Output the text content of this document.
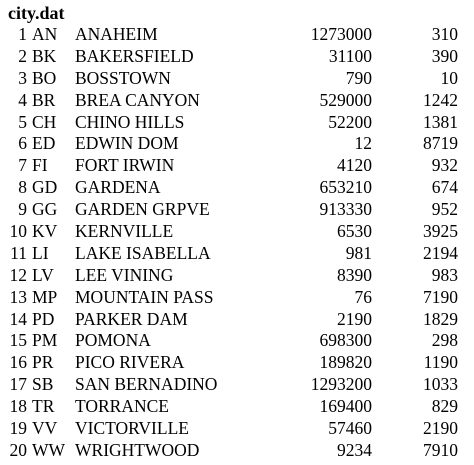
city.dat
1 AN ANAHEIM	1273000	310
2 BK BAKERSFIELD	31100	390
3 BO BOSSTOWN	790	10
4 BR BREA CANYON	529000	1242
5 CH CHINO HILLS	52200	1381
6 ED EDWIN DOM	12	8719
7 FI FORT IRWIN	4120	932
8 GD GARDENA	653210	674
9 GG GARDEN GRPVE	913330	952
10 KV KERNVILLE	6530	3925
11 LI LAKE ISABELLA	981	2194
12 LV LEE VINING	8390	983
13 MP MOUNTAIN PASS	76	7190
14 PD PARKER DAM	2190	1829
15 PM POMONA	698300	298
16 PR PICO RIVERA	189820	1190
17 SB SAN BERNADINO	1293200	1033
18 TR TORRANCE	169400	829
19 VV VICTORVILLE	57460	2190
20 WW WRIGHTWOOD	9234	7910
